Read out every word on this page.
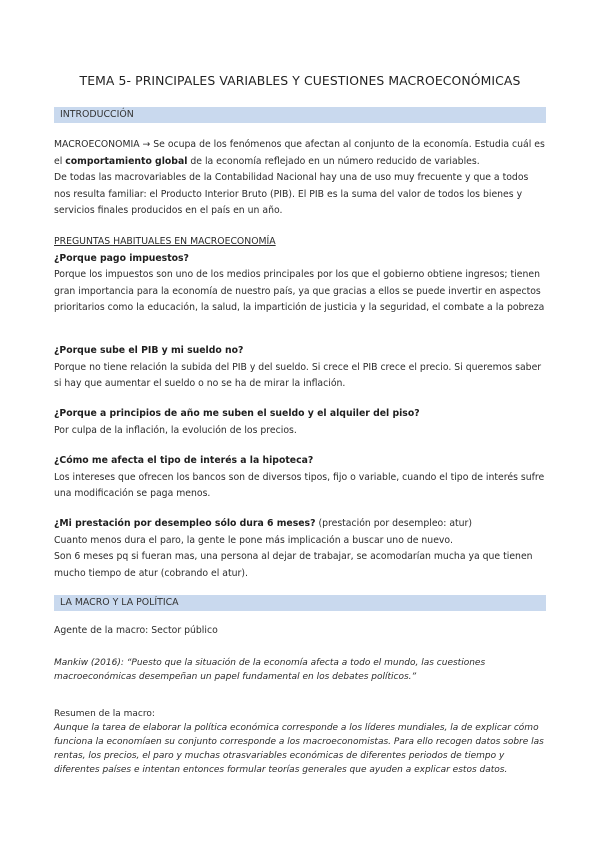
TEMA 5- PRINCIPALES VARIABLES Y CUESTIONES MACROECONÓMICAS
INTRODUCCIÓN

MACROECONOMIA → Se ocupa de los fenómenos que afectan al conjunto de la economía. Estudia cuál es el comportamiento global de la economía reflejado en un número reducido de variables.

De todas las macrovariables de la Contabilidad Nacional hay una de uso muy frecuente y que a todos nos resulta familiar: el Producto Interior Bruto (PIB). El PIB es la suma del valor de todos los bienes y servicios finales producidos en el país en un año.

PREGUNTAS HABITUALES EN MACROECONOMÍA

¿Porque pago impuestos?

Porque los impuestos son uno de los medios principales por los que el gobierno obtiene ingresos; tienen gran importancia para la economía de nuestro país, ya que gracias a ellos se puede invertir en aspectos prioritarios como la educación, la salud, la impartición de justicia y la seguridad, el combate a la pobreza

¿Porque sube el PIB y mi sueldo no?

Porque no tiene relación la subida del PIB y del sueldo. Si crece el PIB crece el precio. Si queremos saber si hay que aumentar el sueldo o no se ha de mirar la inflación.

¿Porque a principios de año me suben el sueldo y el alquiler del piso?

Por culpa de la inflación, la evolución de los precios.

¿Cómo me afecta el tipo de interés a la hipoteca?

Los intereses que ofrecen los bancos son de diversos tipos, fijo o variable, cuando el tipo de interés sufre una modificación se paga menos.

¿Mi prestación por desempleo sólo dura 6 meses? (prestación por desempleo: atur)

Cuanto menos dura el paro, la gente le pone más implicación a buscar uno de nuevo.

Son 6 meses pq si fueran mas, una persona al dejar de trabajar, se acomodarían mucha ya que tienen mucho tiempo de atur (cobrando el atur).

LA MACRO Y LA POLÍTICA

Agente de la macro: Sector público

Mankiw (2016): “Puesto que la situación de la economía afecta a todo el mundo, las cuestiones macroeconómicas desempeñan un papel fundamental en los debates políticos.”

Resumen de la macro:

Aunque la tarea de elaborar la política económica corresponde a los líderes mundiales, la de explicar cómo funciona la economíaen su conjunto corresponde a los macroeconomistas. Para ello recogen datos sobre las rentas, los precios, el paro y muchas otrasvariables económicas de diferentes periodos de tiempo y diferentes países e intentan entonces formular teorías generales que ayuden a explicar estos datos.
